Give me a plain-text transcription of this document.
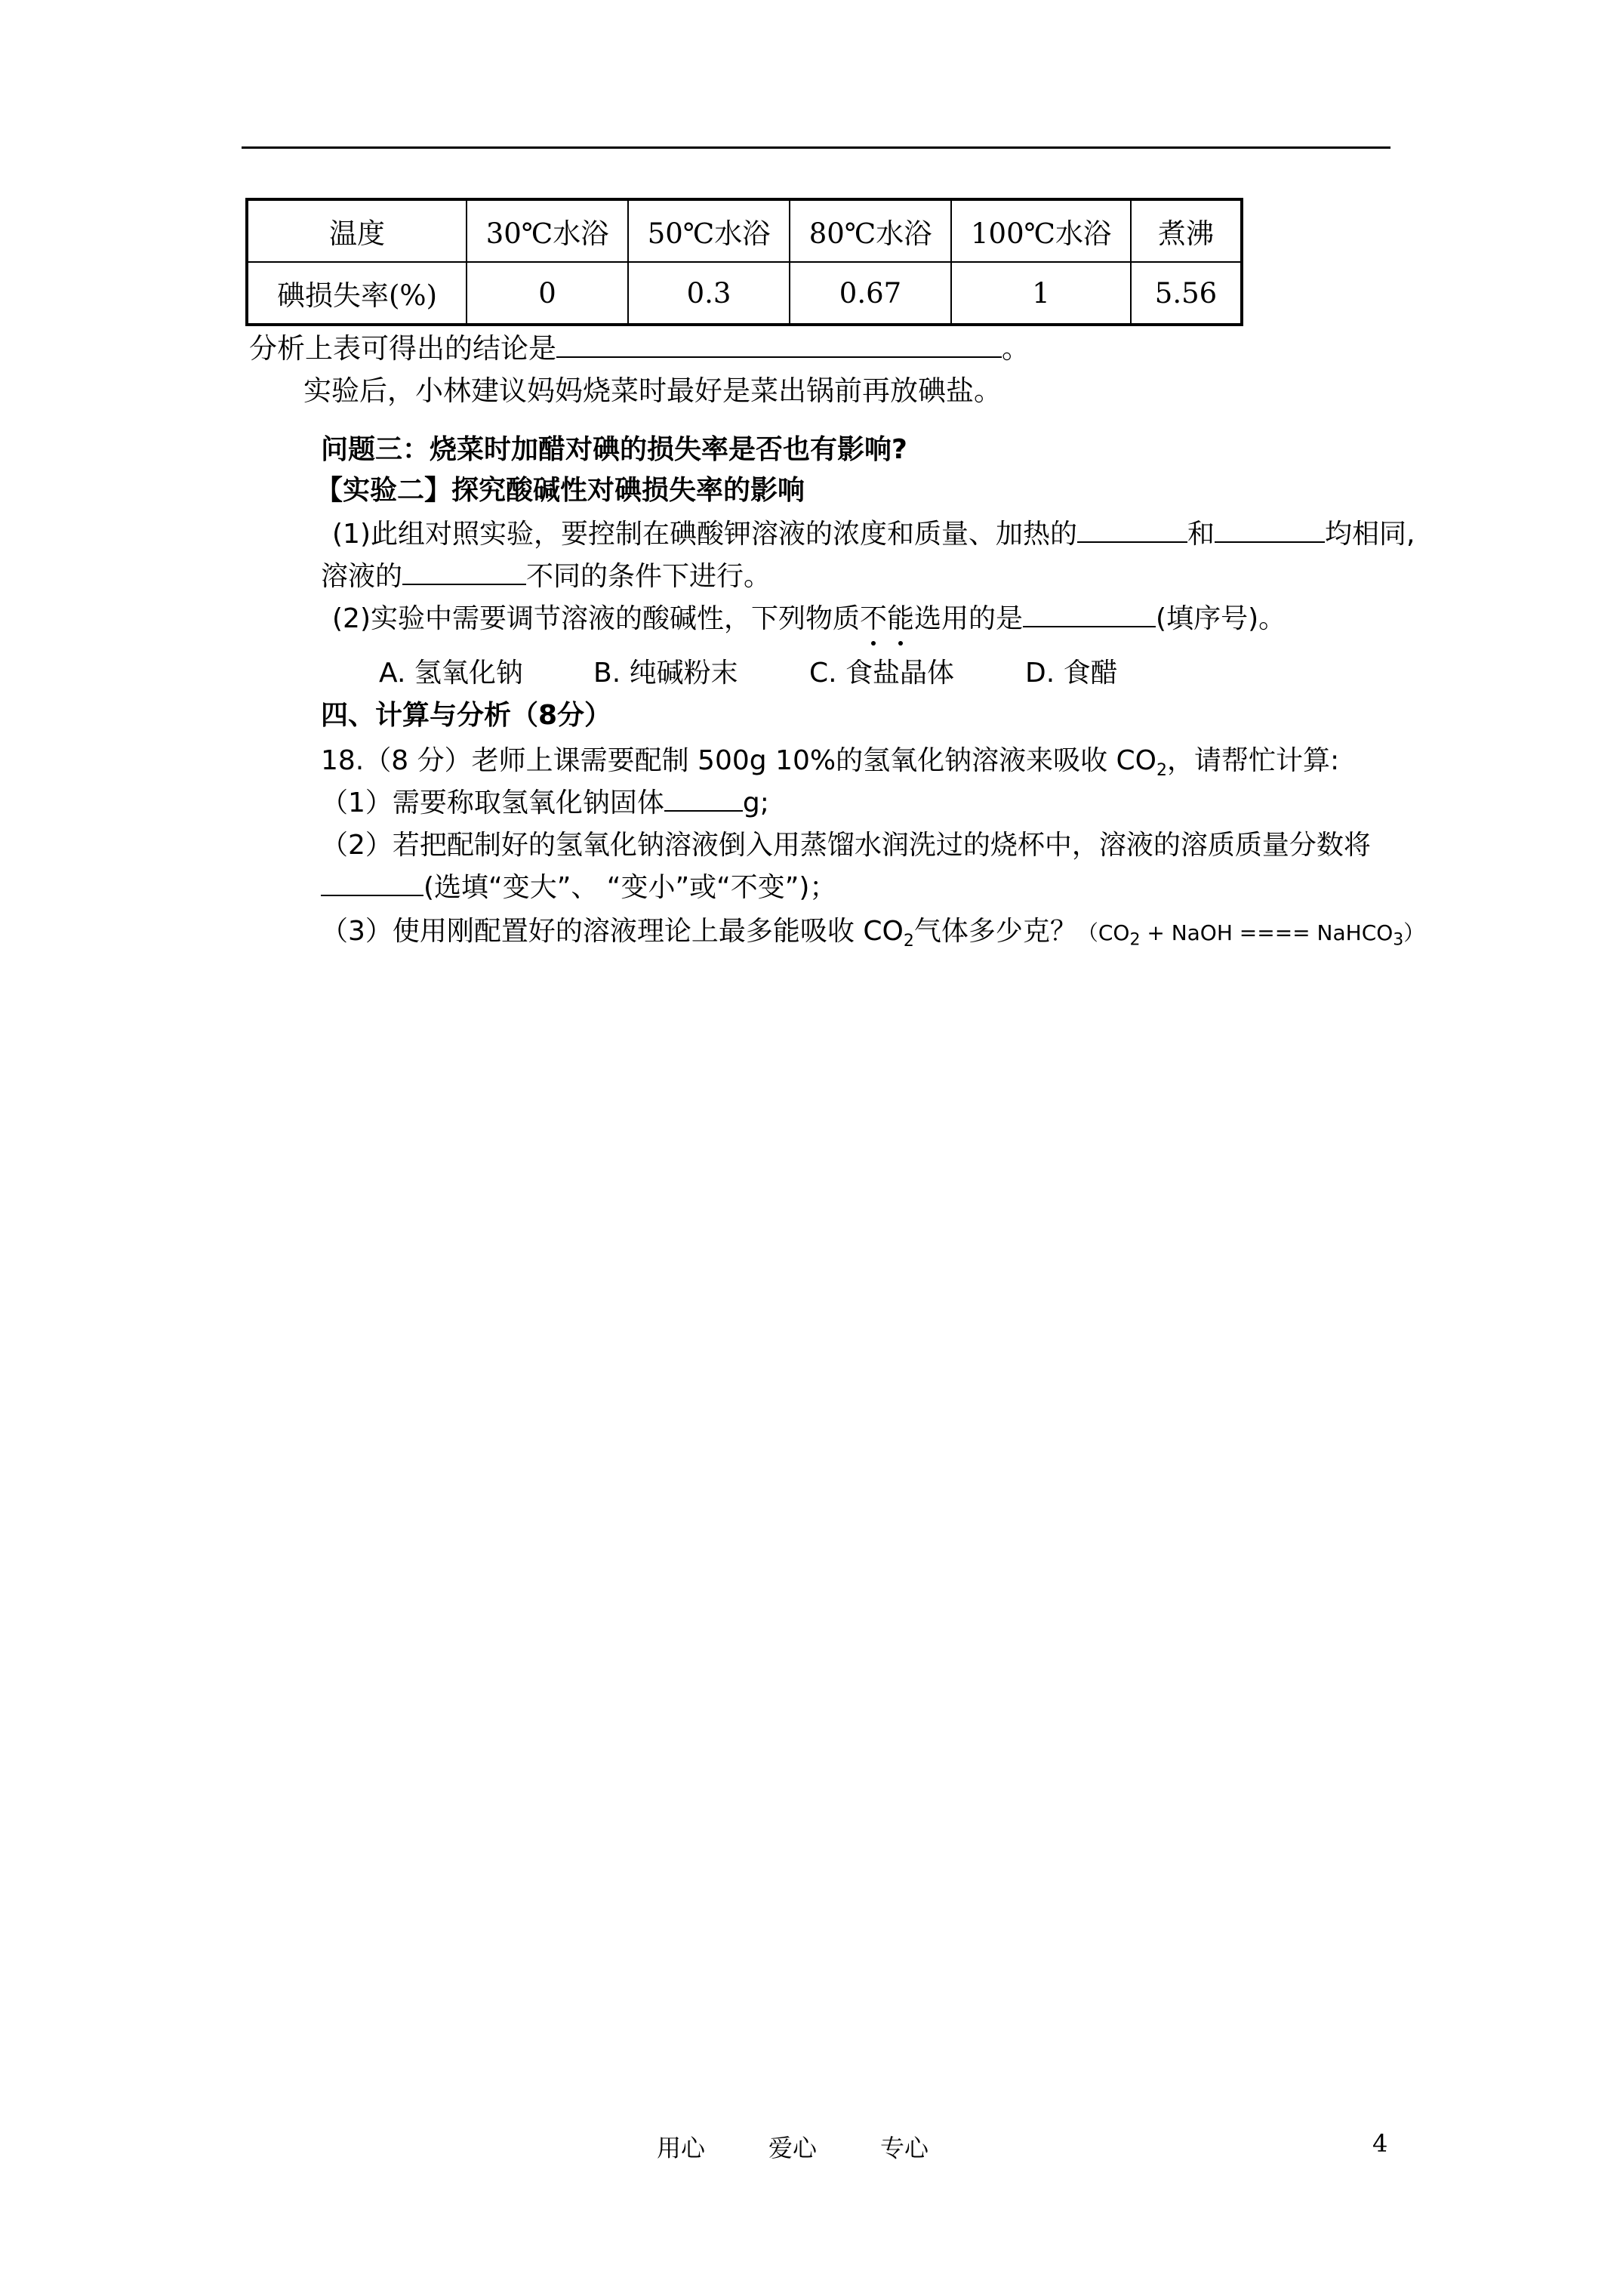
温度	30℃水浴	50℃水浴	80℃水浴	100℃水浴	煮沸
碘损失率(%)	0	0.3	0.67	1	5.56
分析上表可得出的结论是	。
实验后，小林建议妈妈烧菜时最好是菜出锅前再放碘盐。
问题三：烧菜时加醋对碘的损失率是否也有影响?
【实验二】探究酸碱性对碘损失率的影响
(1)此组对照实验，要控制在碘酸钾溶液的浓度和质量、加热的	和	均相同,
溶液的	不同的条件下进行。
(2)实验中需要调节溶液的酸碱性，下列物质不能选用的是	(填序号)。
A. 氢氧化钠	B. 纯碱粉末	C. 食盐晶体	D. 食醋
四、计算与分析（8分）
18.（8 分）老师上课需要配制 500g 10%的氢氧化钠溶液来吸收 $CO_2$，请帮忙计算:
（1）需要称取氢氧化钠固体	g;
（2）若把配制好的氢氧化钠溶液倒入用蒸馏水润洗过的烧杯中，溶液的溶质质量分数将
(选填“变大”、 “变小”或“不变”)；
（3）使用刚配置好的溶液理论上最多能吸收 $CO_2$气体多少克？（$CO_2$ + NaOH ==== NaHCO$_3$）
用心	爱心	专心	4
